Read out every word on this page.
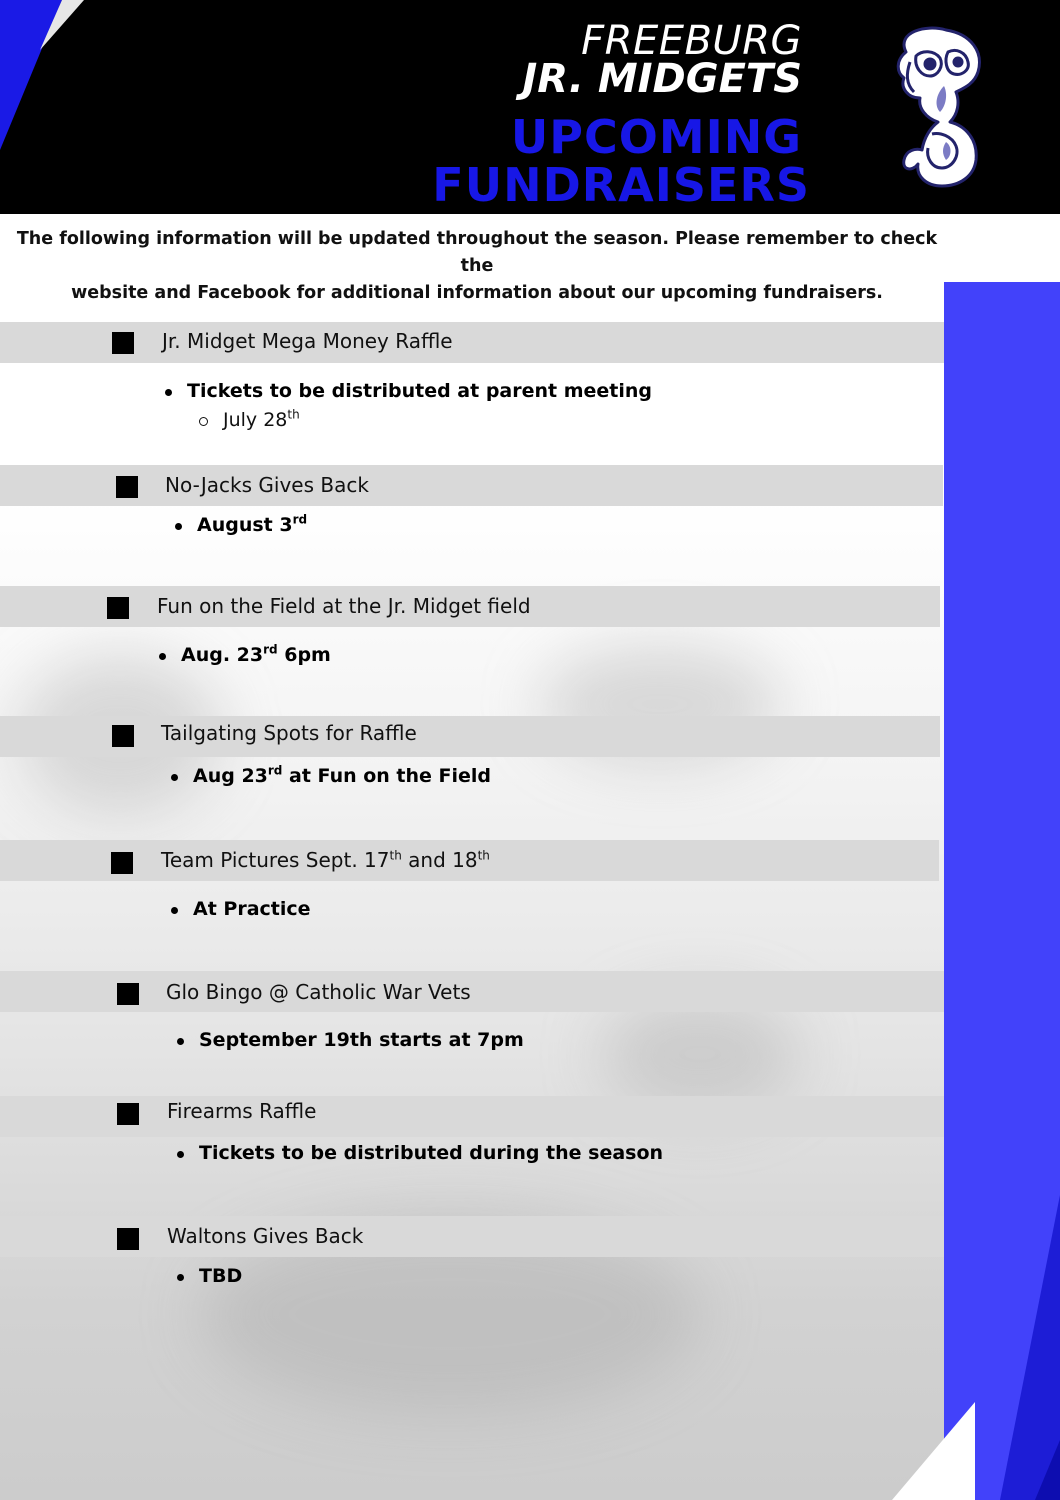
FREEBURG
JR. MIDGETS
UPCOMING
FUNDRAISERS

The following information will be updated throughout the season. Please remember to check the
website and Facebook for additional information about our upcoming fundraisers.

Jr. Midget Mega Money Raffle

Tickets to be distributed at parent meeting

July 28th

No-Jacks Gives Back

August 3rd

Fun on the Field at the Jr. Midget field

Aug. 23rd 6pm

Tailgating Spots for Raffle

Aug 23rd at Fun on the Field

Team Pictures Sept. 17th and 18th

At Practice

Glo Bingo @ Catholic War Vets

September 19th starts at 7pm

Firearms Raffle

Tickets to be distributed during the season

Waltons Gives Back

TBD
